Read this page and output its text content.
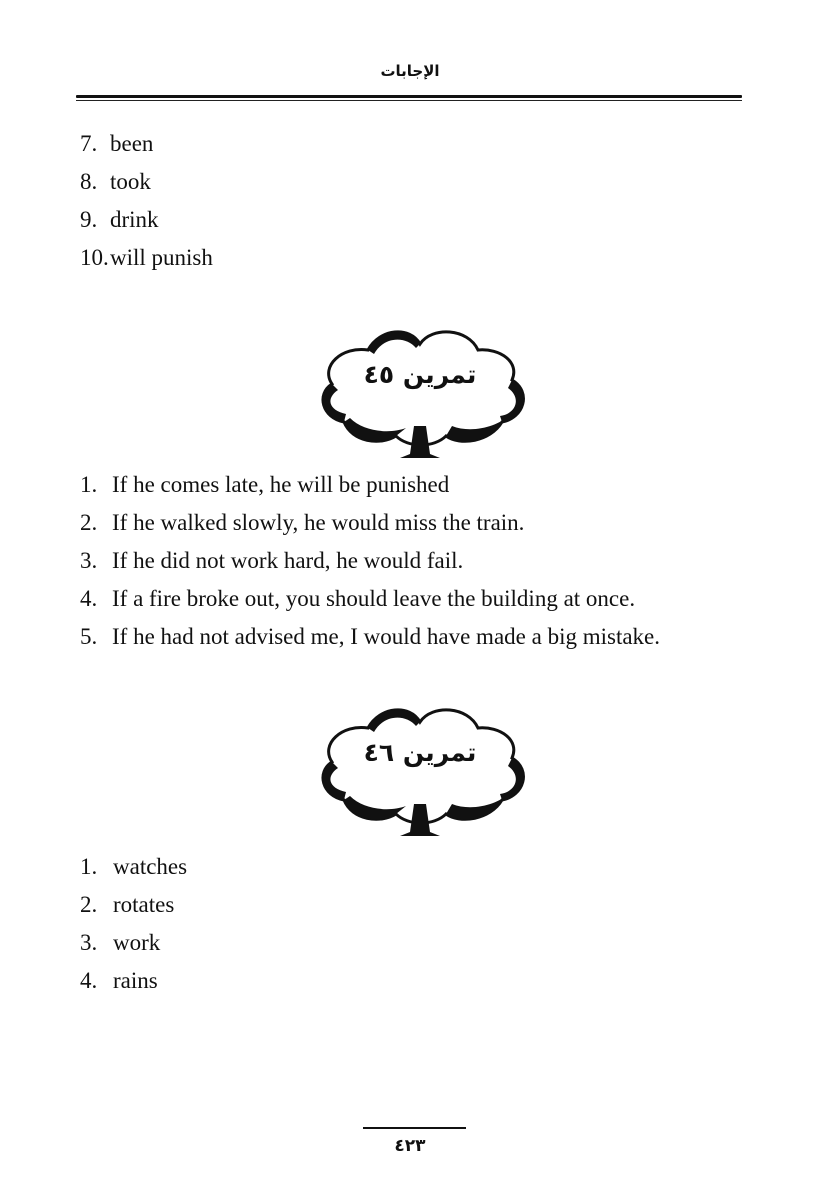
الإجابات
7.been
8.took
9.drink
10.will punish
تمرين ٤٥
1.If he comes late, he will be punished
2.If he walked slowly, he would miss the train.
3.If he did not work hard, he would fail.
4.If a fire broke out, you should leave the building at once.
5.If he had not advised me, I would have made a big mistake.
تمرين ٤٦
1.watches
2.rotates
3.work
4.rains
٤٢٣
